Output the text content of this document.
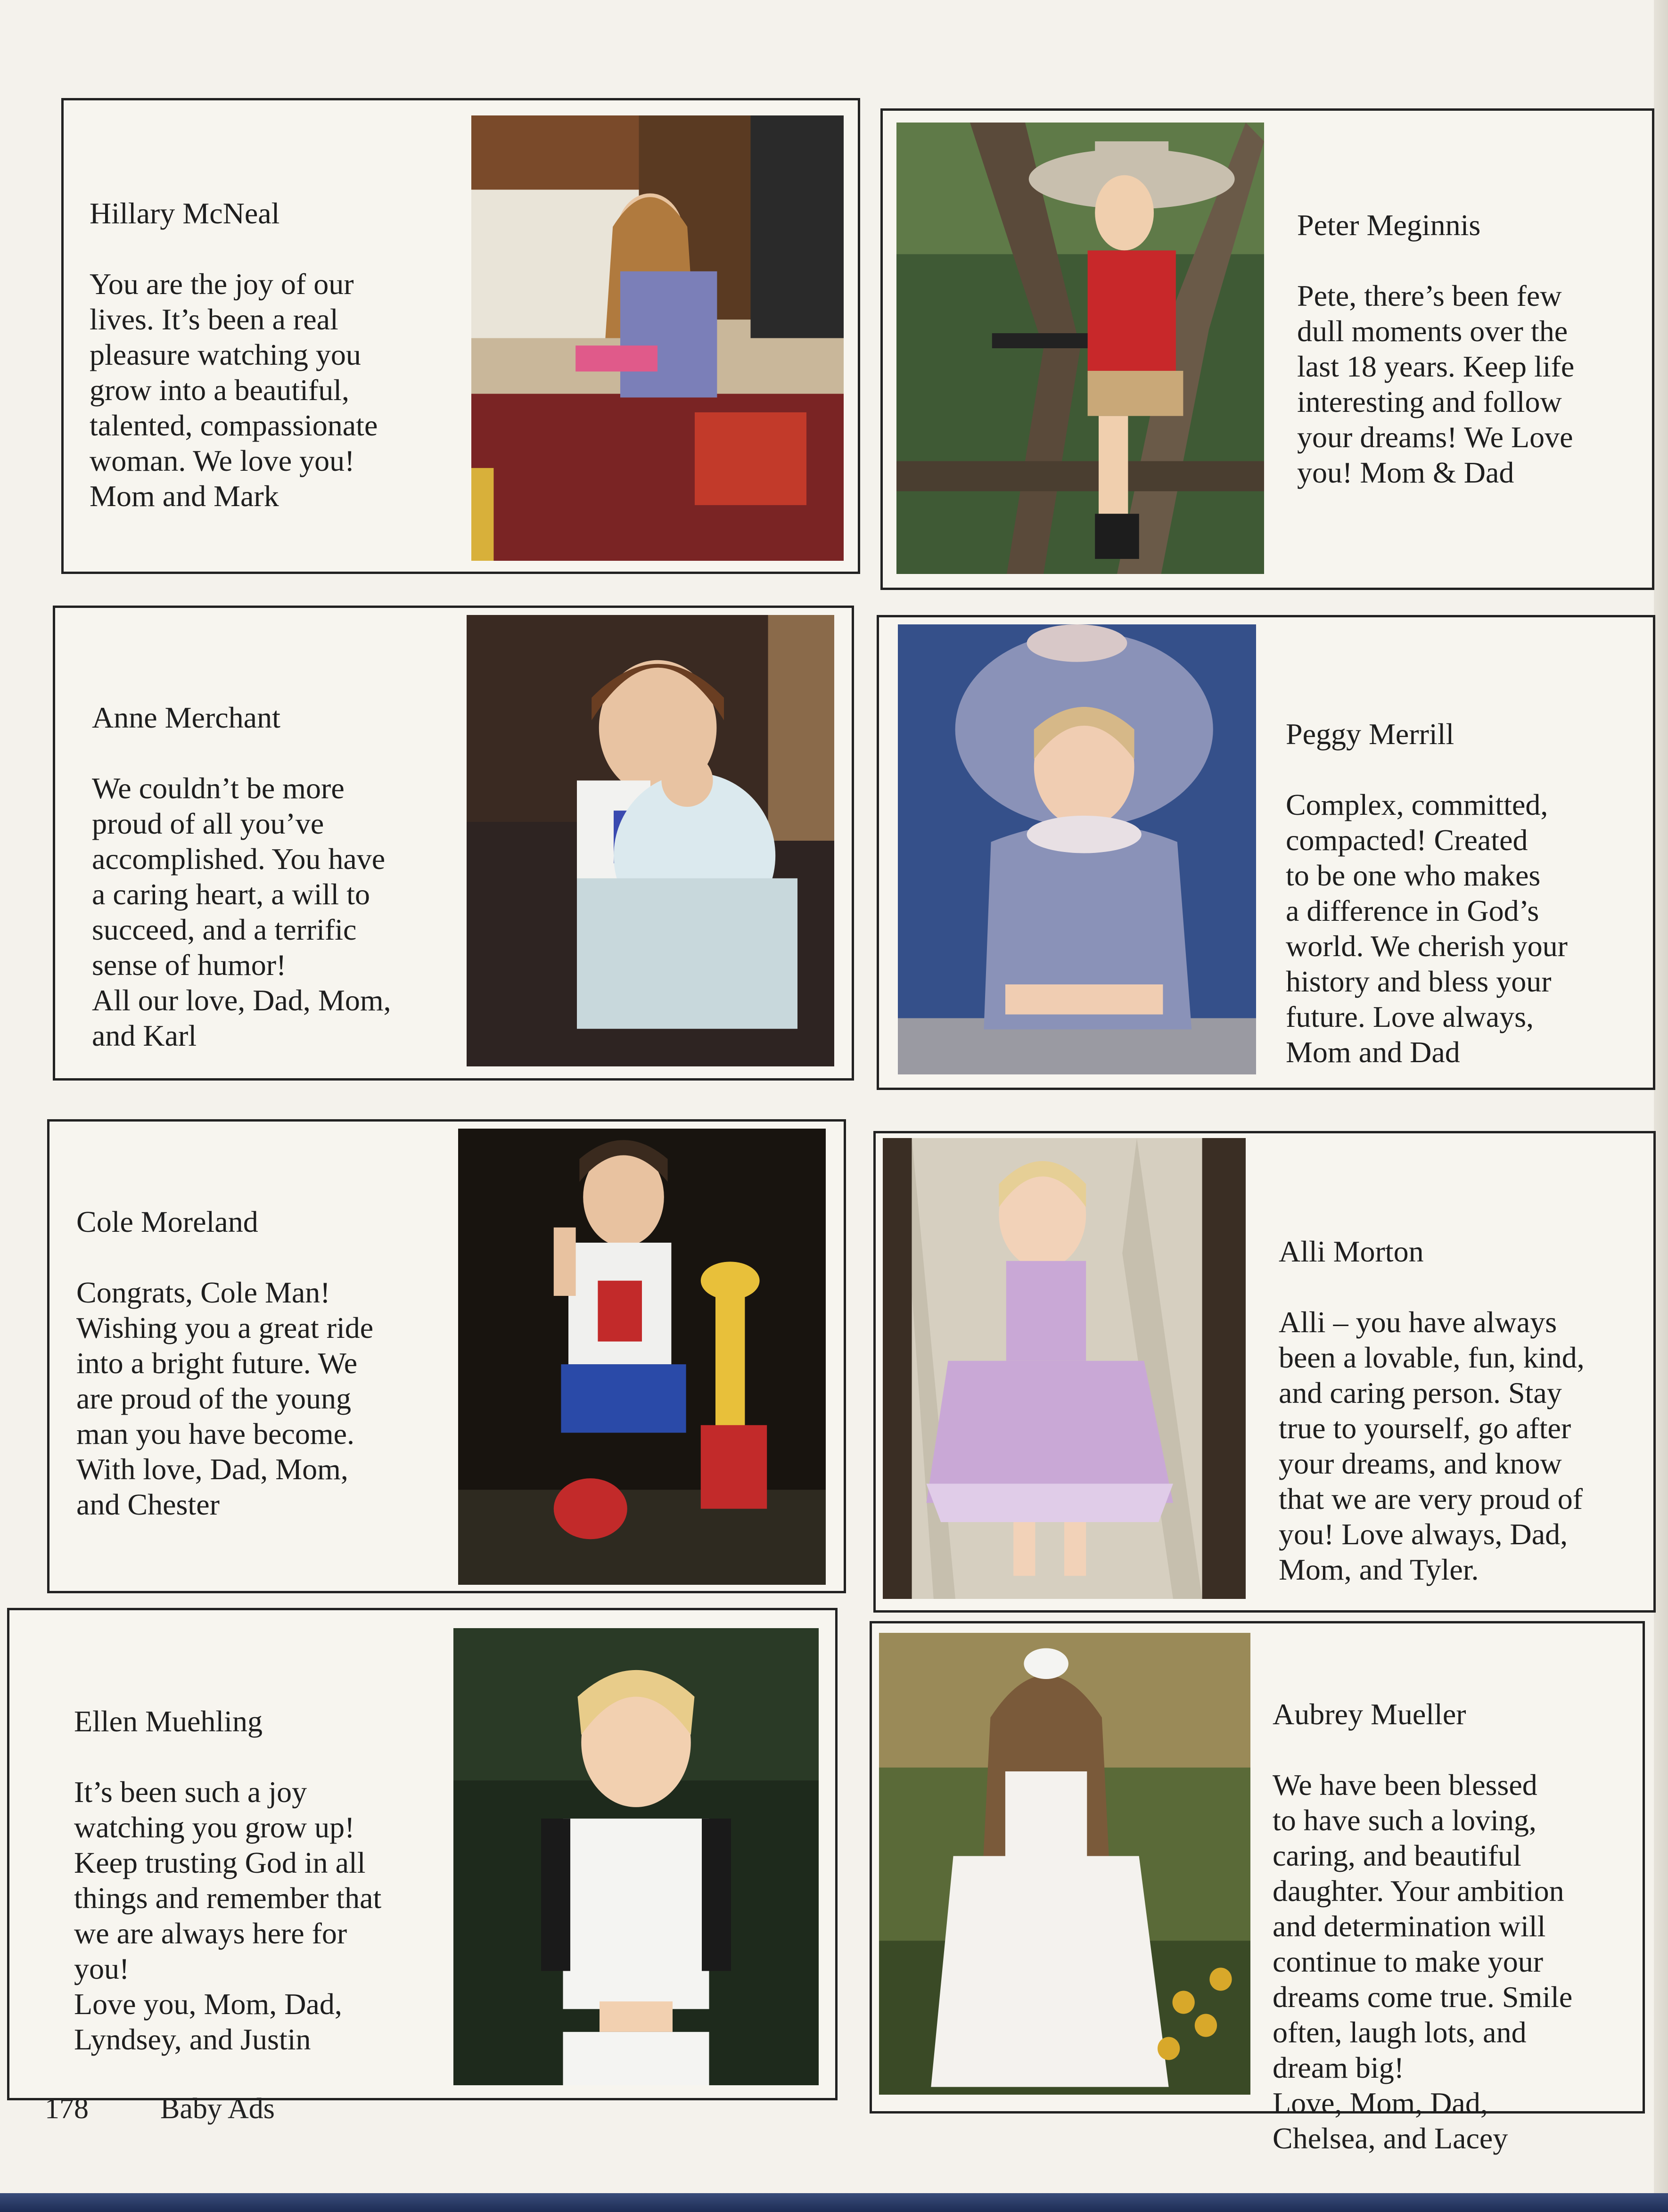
Hillary McNeal

You are the joy of our
lives. It’s been a real
pleasure watching you
grow into a beautiful,
talented, compassionate
woman. We love you!
Mom and Mark

Peter Meginnis

Pete, there’s been few
dull moments over the
last 18 years. Keep life
interesting and follow
your dreams! We Love
you! Mom & Dad

Anne Merchant

We couldn’t be more
proud of all you’ve
accomplished. You have
a caring heart, a will to
succeed, and a terrific
sense of humor!
All our love, Dad, Mom,
and Karl

Peggy Merrill

Complex, committed,
compacted! Created
to be one who makes
a difference in God’s
world. We cherish your
history and bless your
future. Love always,
Mom and Dad

Cole Moreland

Congrats, Cole Man!
Wishing you a great ride
into a bright future. We
are proud of the young
man you have become.
With love, Dad, Mom,
and Chester

Alli Morton

Alli – you have always
been a lovable, fun, kind,
and caring person. Stay
true to yourself, go after
your dreams, and know
that we are very proud of
you! Love always, Dad,
Mom, and Tyler.

Ellen Muehling

It’s been such a joy
watching you grow up!
Keep trusting God in all
things and remember that
we are always here for
you!
Love you, Mom, Dad,
Lyndsey, and Justin

Aubrey Mueller

We have been blessed
to have such a loving,
caring, and beautiful
daughter. Your ambition
and determination will
continue to make your
dreams come true. Smile
often, laugh lots, and
dream big!
Love, Mom, Dad,
Chelsea, and Lacey

178 Baby Ads
